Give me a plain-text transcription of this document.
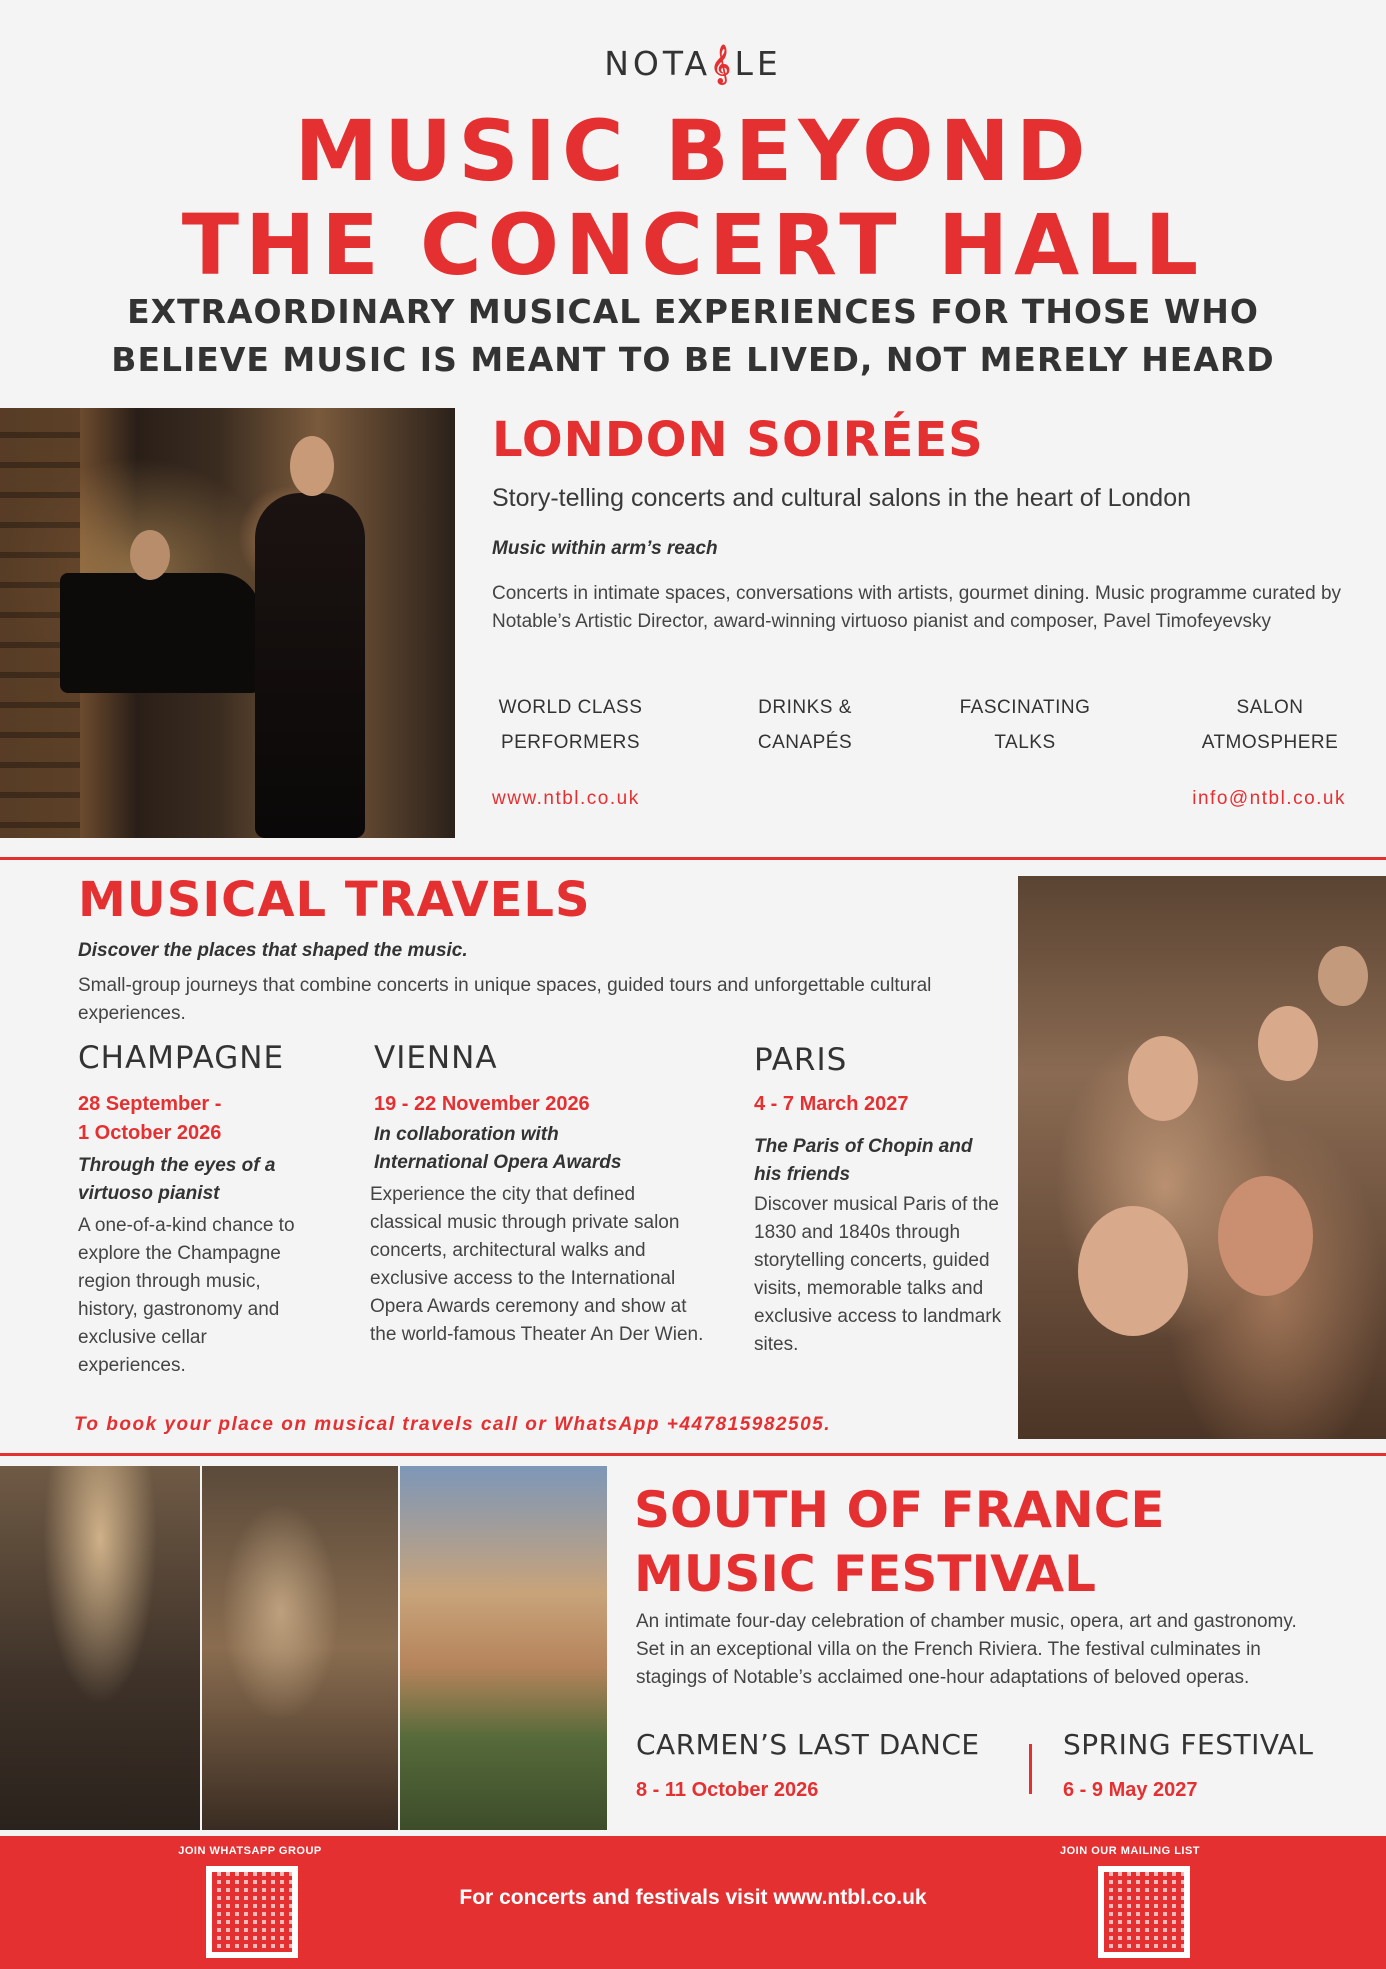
NOTA𝄞LE
MUSIC BEYOND
THE CONCERT HALL
EXTRAORDINARY MUSICAL EXPERIENCES FOR THOSE WHO
BELIEVE MUSIC IS MEANT TO BE LIVED, NOT MERELY HEARD
LONDON SOIRÉES
Story-telling concerts and cultural salons in the heart of London
Music within arm’s reach
Concerts in intimate spaces, conversations with artists, gourmet dining. Music programme curated by Notable’s Artistic Director, award-winning virtuoso pianist and composer, Pavel Timofeyevsky
WORLD CLASS
PERFORMERS
DRINKS &
CANAPÉS
FASCINATING
TALKS
SALON
ATMOSPHERE
www.ntbl.co.uk	info@ntbl.co.uk
MUSICAL TRAVELS
Discover the places that shaped the music.
Small-group journeys that combine concerts in unique spaces, guided tours and unforgettable cultural experiences.
CHAMPAGNE
28 September -
1 October 2026
Through the eyes of a virtuoso pianist
A one-of-a-kind chance to explore the Champagne region through music, history, gastronomy and exclusive cellar experiences.
VIENNA
19 - 22 November 2026
In collaboration with International Opera Awards
Experience the city that defined classical music through private salon concerts, architectural walks and exclusive access to the International Opera Awards ceremony and show at the world-famous Theater An Der Wien.
PARIS
4 - 7 March 2027
The Paris of Chopin and his friends
Discover musical Paris of the 1830 and 1840s through storytelling concerts, guided visits, memorable talks and exclusive access to landmark sites.
To book your place on musical travels call or WhatsApp +447815982505.
SOUTH OF FRANCE
MUSIC FESTIVAL
An intimate four-day celebration of chamber music, opera, art and gastronomy. Set in an exceptional villa on the French Riviera. The festival culminates in stagings of Notable’s acclaimed one-hour adaptations of beloved operas.
CARMEN’S LAST DANCE
8 - 11 October 2026
SPRING FESTIVAL
6 - 9 May 2027
JOIN WHATSAPP GROUP	JOIN OUR MAILING LIST
For concerts and festivals visit www.ntbl.co.uk
